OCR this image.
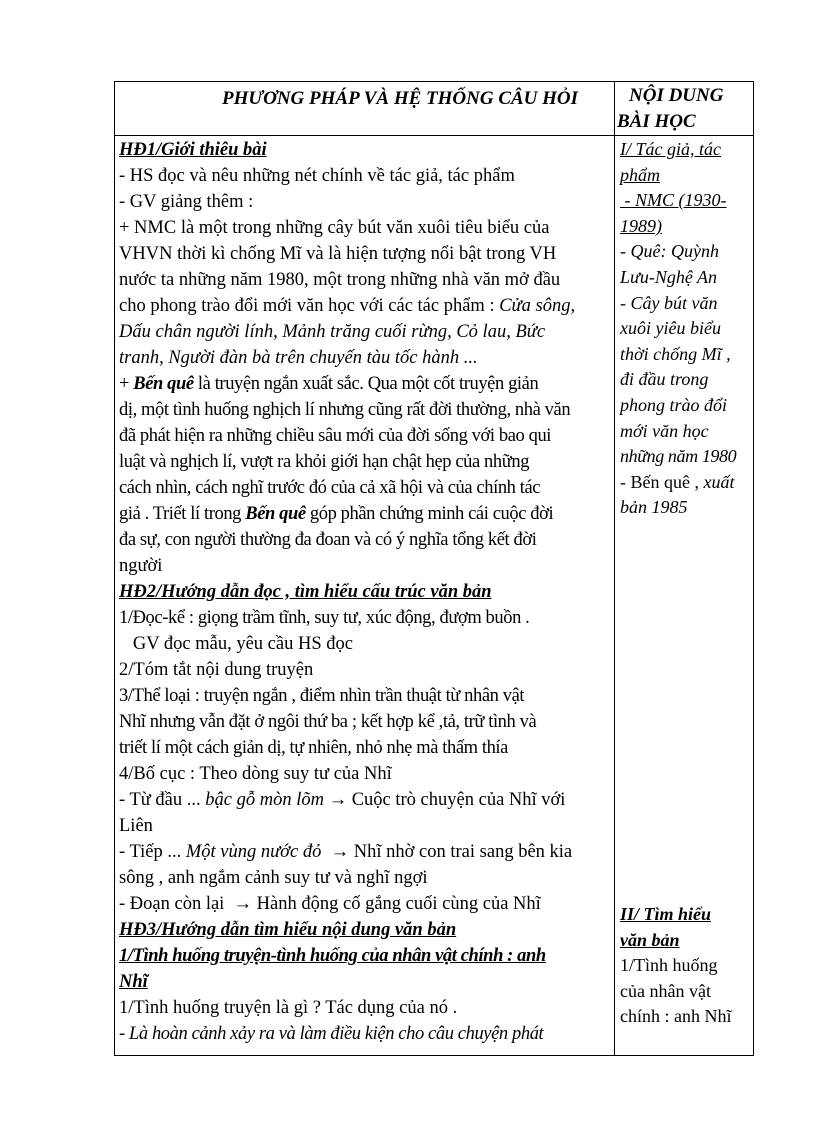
PHƯƠNG PHÁP VÀ HỆ THỐNG CÂU HỎI	NỘI DUNG
BÀI HỌC
HĐ1/Giới thiêu bài
- HS đọc và nêu những nét chính về tác giả, tác phẩm
- GV giảng thêm :
+ NMC là một trong những cây bút văn xuôi tiêu biểu của
VHVN thời kì chống Mĩ và là hiện tượng nổi bật trong VH
nước ta những năm 1980, một trong những nhà văn mở đầu
cho phong trào đổi mới văn học với các tác phẩm : Cửa sông,
Dấu chân người lính, Mảnh trăng cuối rừng, Cỏ lau, Bức
tranh, Người đàn bà trên chuyến tàu tốc hành ...
+ Bến quê là truyện ngắn xuất sắc. Qua một cốt truyện giản
dị, một tình huống nghịch lí nhưng cũng rất đời thường, nhà văn
đã phát hiện ra những chiều sâu mới của đời sống với bao qui
luật và nghịch lí, vượt ra khỏi giới hạn chật hẹp của những
cách nhìn, cách nghĩ trước đó của cả xã hội và của chính tác
giả . Triết lí trong Bến quê góp phần chứng minh cái cuộc đời
đa sự, con người thường đa đoan và có ý nghĩa tổng kết đời
người
HĐ2/Hướng dẫn đọc , tìm hiểu cấu trúc văn bản
1/Đọc-kể : giọng trầm tĩnh, suy tư, xúc động, đượm buồn .
GV đọc mẫu, yêu cầu HS đọc
2/Tóm tắt nội dung truyện
3/Thể loại : truyện ngắn , điểm nhìn trần thuật từ nhân vật
Nhĩ nhưng vẫn đặt ở ngôi thứ ba ; kết hợp kể ,tả, trữ tình và
triết lí một cách giản dị, tự nhiên, nhỏ nhẹ mà thấm thía
4/Bố cục : Theo dòng suy tư của Nhĩ
- Từ đầu ... bậc gỗ mòn lõm → Cuộc trò chuyện của Nhĩ với
Liên
- Tiếp ... Một vùng nước đỏ  → Nhĩ nhờ con trai sang bên kia
sông , anh ngắm cảnh suy tư và nghĩ ngợi
- Đoạn còn lại  → Hành động cố gắng cuối cùng của Nhĩ
HĐ3/Hướng dẫn tìm hiểu nội dung văn bản
1/Tình huống truyện-tình huống của nhân vật chính : anh
Nhĩ
1/Tình huống truyện là gì ? Tác dụng của nó .
- Là hoàn cảnh xảy ra và làm điều kiện cho câu chuyện phát
I/ Tác giả, tác
phẩm
- NMC (1930-
1989)
- Quê: Quỳnh
Lưu-Nghệ An
- Cây bút văn
xuôi yiêu biểu
thời chống Mĩ ,
đi đầu trong
phong trào đổi
mới văn học
những năm 1980
- Bến quê , xuất
bản 1985
II/ Tìm hiểu
văn bản
1/Tình huống
của nhân vật
chính : anh Nhĩ
